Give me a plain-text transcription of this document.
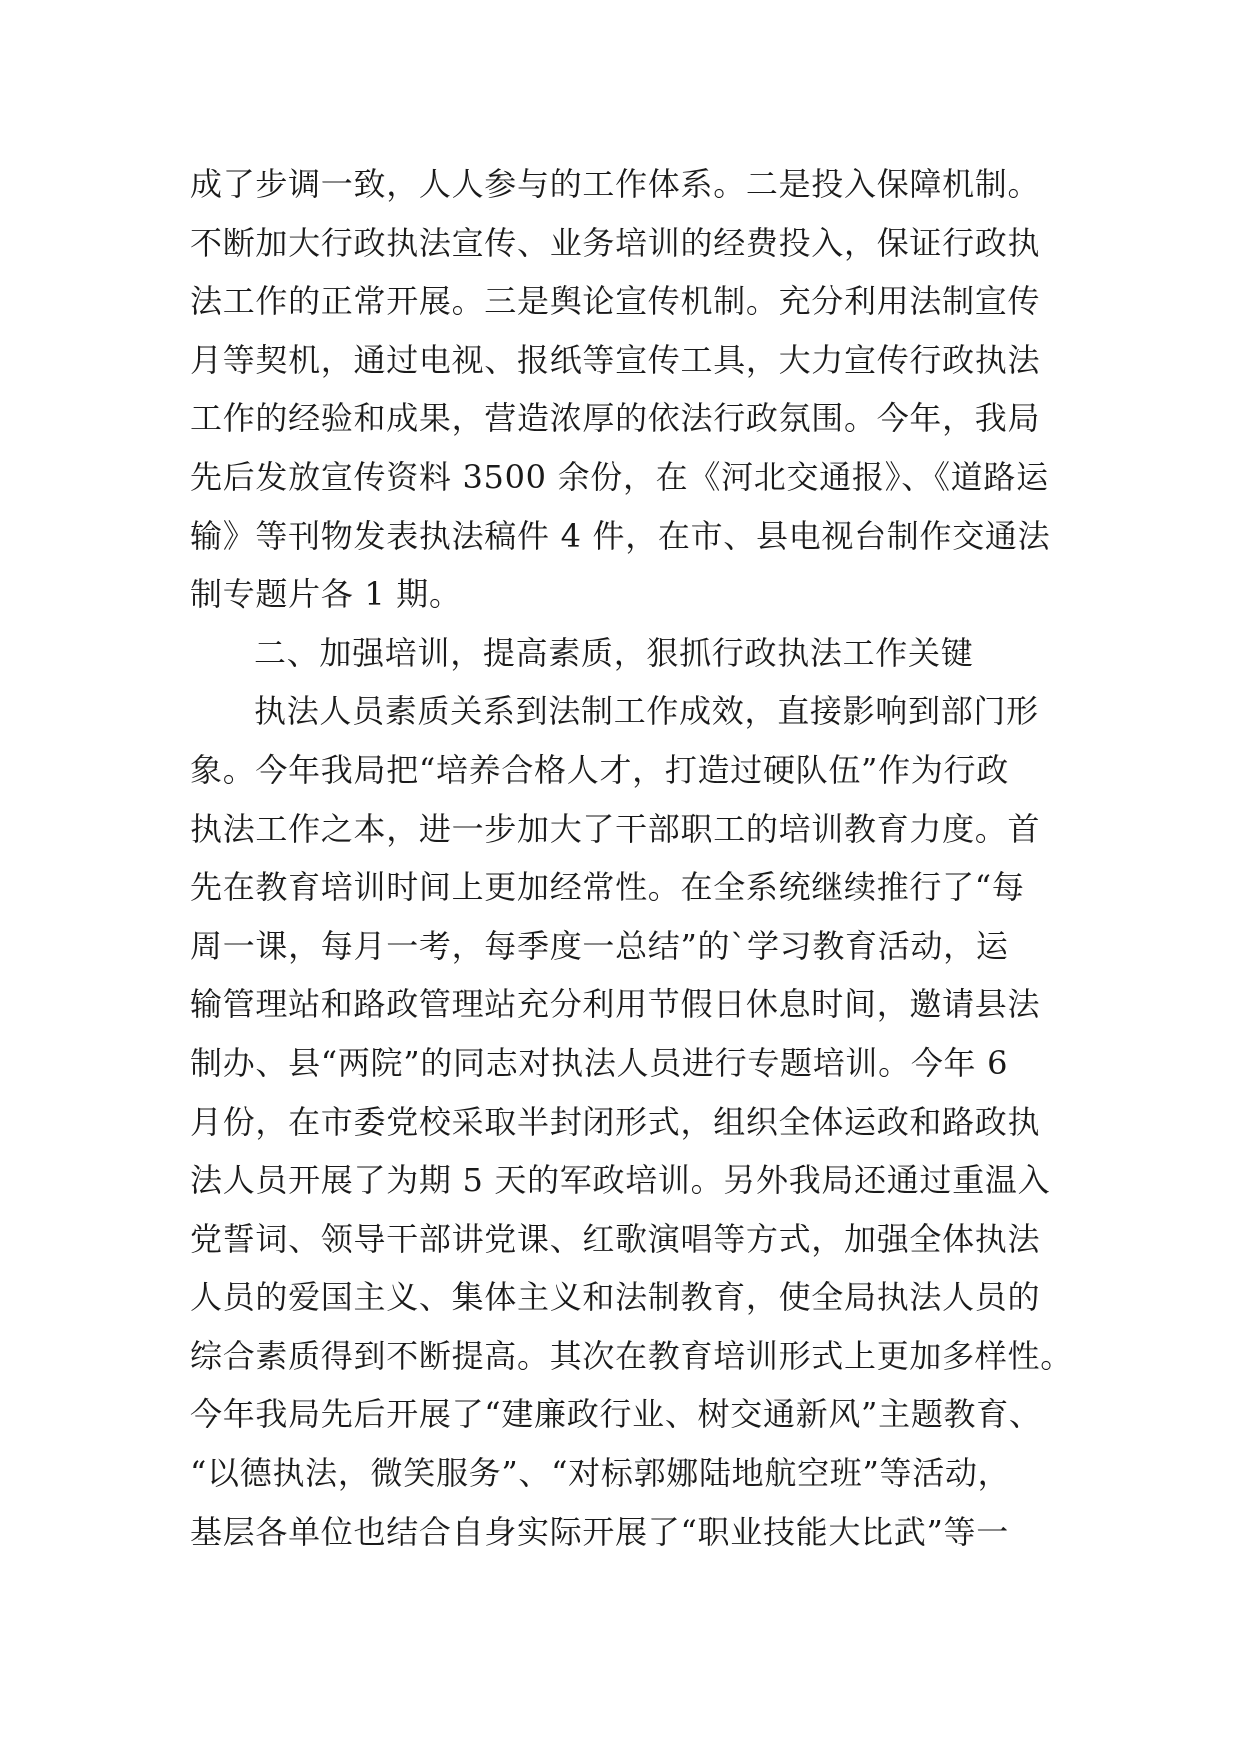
成了步调一致，人人参与的工作体系。二是投入保障机制。
不断加大行政执法宣传、业务培训的经费投入，保证行政执
法工作的正常开展。三是舆论宣传机制。充分利用法制宣传
月等契机，通过电视、报纸等宣传工具，大力宣传行政执法
工作的经验和成果，营造浓厚的依法行政氛围。今年，我局
先后发放宣传资料 3500 余份，在《河北交通报》、《道路运
输》等刊物发表执法稿件 4 件，在市、县电视台制作交通法
制专题片各 1 期。
二、加强培训，提高素质，狠抓行政执法工作关键
执法人员素质关系到法制工作成效，直接影响到部门形
象。今年我局把“培养合格人才，打造过硬队伍”作为行政
执法工作之本，进一步加大了干部职工的培训教育力度。首
先在教育培训时间上更加经常性。在全系统继续推行了“每
周一课，每月一考，每季度一总结”的`学习教育活动，运
输管理站和路政管理站充分利用节假日休息时间，邀请县法
制办、县“两院”的同志对执法人员进行专题培训。今年 6
月份，在市委党校采取半封闭形式，组织全体运政和路政执
法人员开展了为期 5 天的军政培训。另外我局还通过重温入
党誓词、领导干部讲党课、红歌演唱等方式，加强全体执法
人员的爱国主义、集体主义和法制教育，使全局执法人员的
综合素质得到不断提高。其次在教育培训形式上更加多样性。
今年我局先后开展了“建廉政行业、树交通新风”主题教育、
“以德执法，微笑服务”、“对标郭娜陆地航空班”等活动，
基层各单位也结合自身实际开展了“职业技能大比武”等一
